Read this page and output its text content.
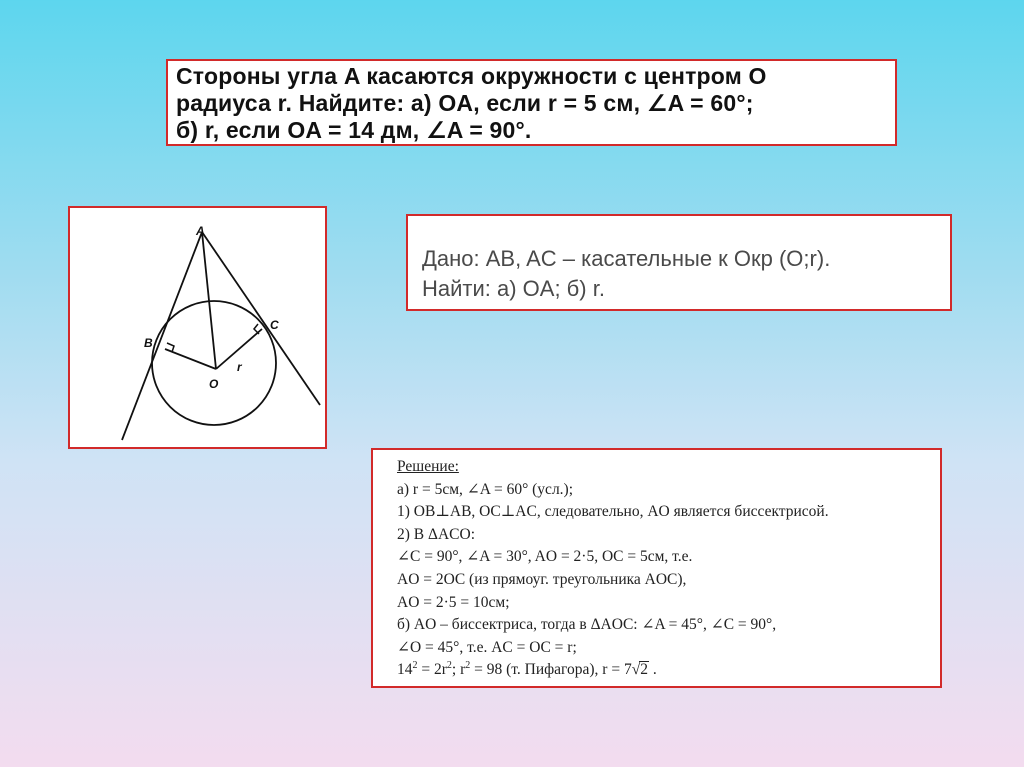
Стороны угла A касаются окружности с центром O
радиуса r. Найдите: а) OA, если r = 5 см, ∠A = 60°;
б) r, если OA = 14 дм, ∠A = 90°.
A
B
C
O
r
Дано: AB, AC – касательные к Окр (O;r).
Найти: а) OA; б) r.
Решение:
а) r = 5см, ∠A = 60° (усл.);
1) OB⊥AB, OC⊥AC, следовательно, AO является биссектрисой.
2) В ΔACO:
∠C = 90°, ∠A = 30°, AO = 2·5, OC = 5см, т.е.
AO = 2OC (из прямоуг. треугольника AOC),
AO = 2·5 = 10см;
б) AO – биссектриса, тогда в ΔAOC: ∠A = 45°, ∠C = 90°,
∠O = 45°, т.е. AC = OC = r;
$14^2 = 2r^2$; $r^2 = 98$ (т. Пифагора), r = 7√2 .
